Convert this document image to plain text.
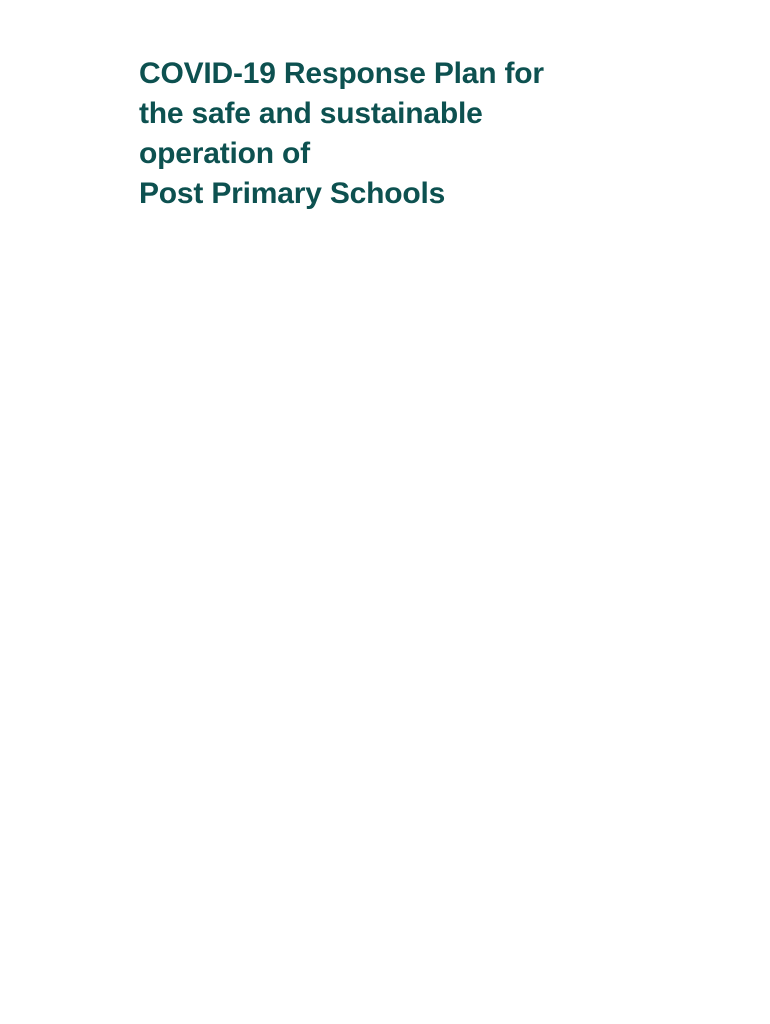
COVID-19 Response Plan for
the safe and sustainable
operation of
Post Primary Schools
